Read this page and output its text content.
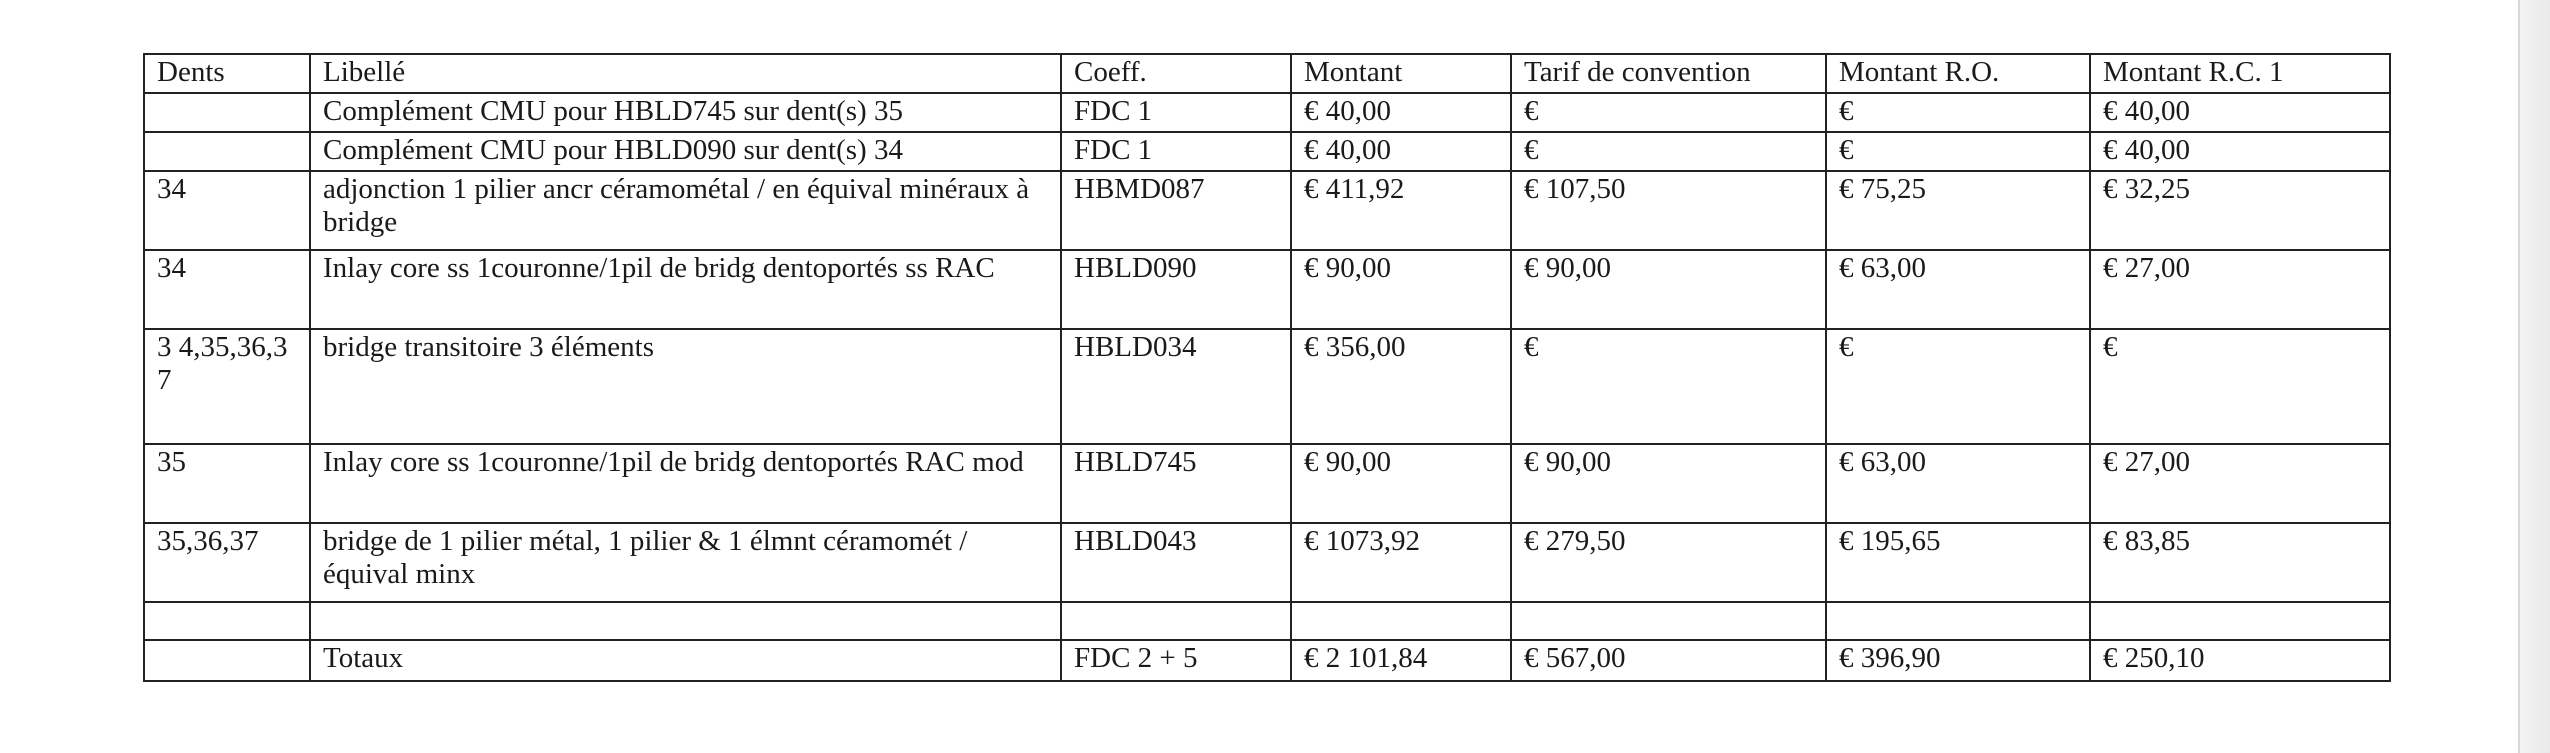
Dents	Libellé	Coeff.	Montant	Tarif de convention	Montant R.O.	Montant R.C. 1
	Complément CMU pour HBLD745 sur dent(s) 35	FDC 1	€ 40,00	€	€	€ 40,00
	Complément CMU pour HBLD090 sur dent(s) 34	FDC 1	€ 40,00	€	€	€ 40,00
34	adjonction 1 pilier ancr céramométal / en équival minéraux à bridge	HBMD087	€ 411,92	€ 107,50	€ 75,25	€ 32,25
34	Inlay core ss 1couronne/1pil de bridg dentoportés ss RAC	HBLD090	€ 90,00	€ 90,00	€ 63,00	€ 27,00
3 4,35,36,3 7	bridge transitoire 3 éléments	HBLD034	€ 356,00	€	€	€
35	Inlay core ss 1couronne/1pil de bridg dentoportés RAC mod	HBLD745	€ 90,00	€ 90,00	€ 63,00	€ 27,00
35,36,37	bridge de 1 pilier métal, 1 pilier & 1 élmnt céramomét / équival minx	HBLD043	€ 1073,92	€ 279,50	€ 195,65	€ 83,85

	Totaux	FDC 2 + 5	€ 2 101,84	€ 567,00	€ 396,90	€ 250,10
